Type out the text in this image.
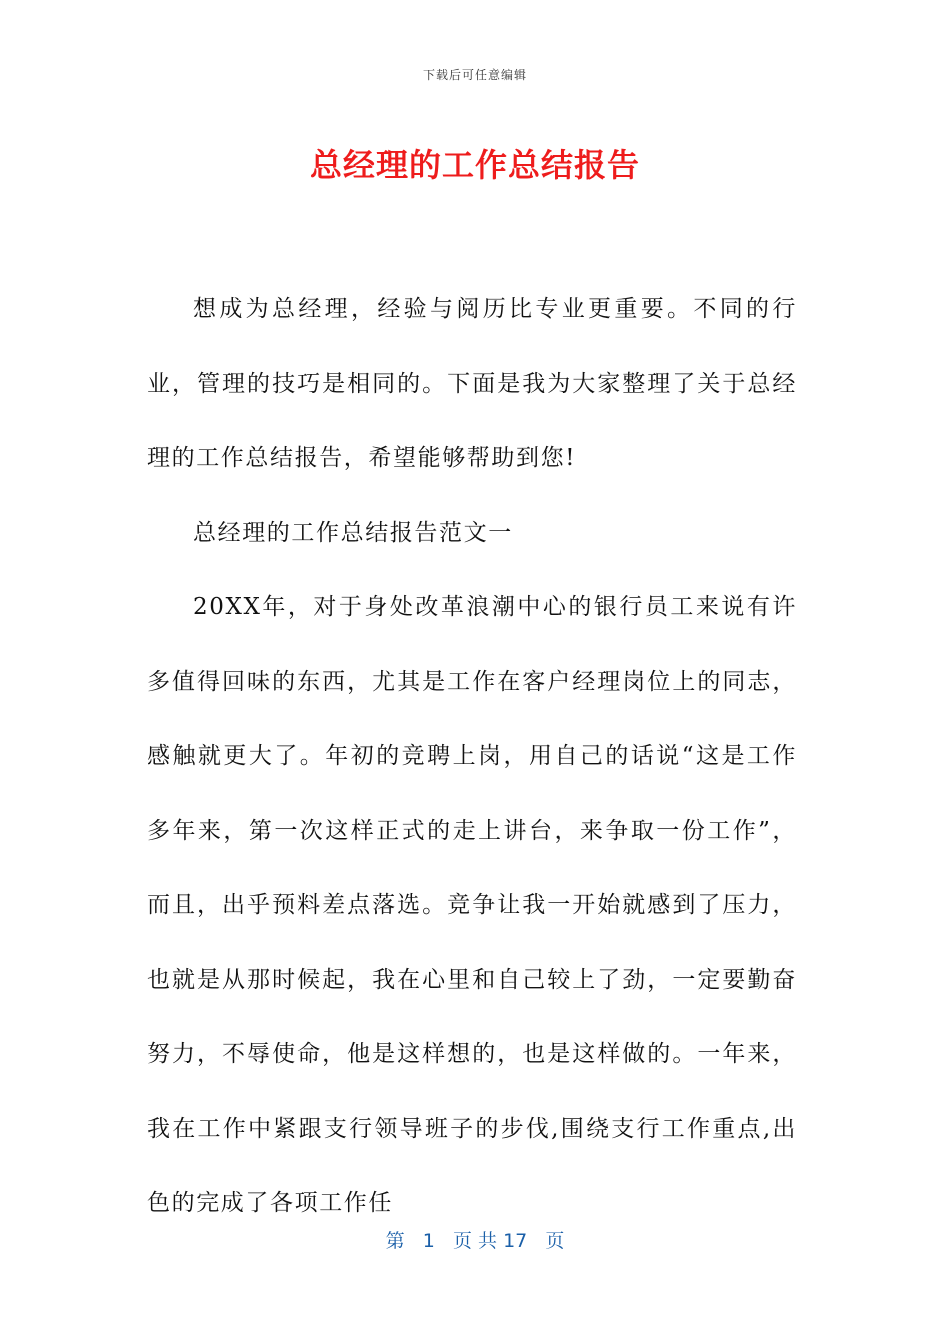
下载后可任意编辑
总经理的工作总结报告

想成为总经理，经验与阅历比专业更重要。不同的行业，管理的技巧是相同的。下面是我为大家整理了关于总经理的工作总结报告，希望能够帮助到您!

总经理的工作总结报告范文一

20XX年，对于身处改革浪潮中心的银行员工来说有许多值得回味的东西，尤其是工作在客户经理岗位上的同志，感触就更大了。年初的竞聘上岗，用自己的话说“这是工作多年来，第一次这样正式的走上讲台，来争取一份工作”，而且，出乎预料差点落选。竞争让我一开始就感到了压力，也就是从那时候起，我在心里和自己较上了劲，一定要勤奋努力，不辱使命，他是这样想的，也是这样做的。一年来，我在工作中紧跟支行领导班子的步伐,围绕支行工作重点,出色的完成了各项工作任

第 1 页 共 17 页
